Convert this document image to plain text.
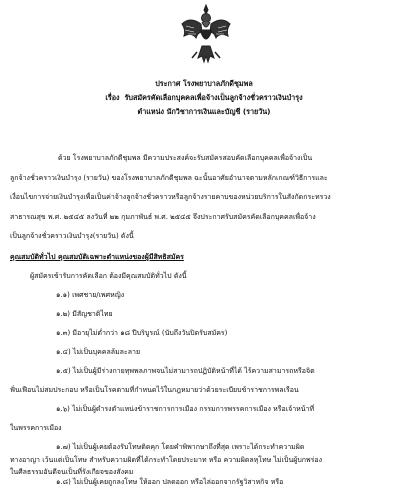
ประกาศ โรงพยาบาลภักดีชุมพล
เรื่อง รับสมัครคัดเลือกบุคคลเพื่อจ้างเป็นลูกจ้างชั่วคราวเงินบำรุง
ตำแหน่ง นักวิชาการเงินและบัญชี (รายวัน)
ด้วย โรงพยาบาลภักดีชุมพล มีความประสงค์จะรับสมัครสอบคัดเลือกบุคคลเพื่อจ้างเป็น
ลูกจ้างชั่วคราวเงินบำรุง (รายวัน) ของโรงพยาบาลภักดีชุมพล ฉะนั้นอาศัยอำนาจตามหลักเกณฑ์วิธีการและ
เงื่อนไขการจ่ายเงินบำรุงเพื่อเป็นค่าจ้างลูกจ้างชั่วคราวหรือลูกจ้างรายคาบของหน่วยบริการในสังกัดกระทรวง
สาธารณสุข พ.ศ. ๒๕๔๕ ลงวันที่ ๒๒ กุมภาพันธ์ พ.ศ. ๒๕๔๕ จึงประกาศรับสมัครคัดเลือกบุคคลเพื่อจ้าง
เป็นลูกจ้างชั่วคราวเงินบำรุง(รายวัน) ดังนี้
คุณสมบัติทั่วไป คุณสมบัติเฉพาะตำแหน่งของผู้มีสิทธิสมัคร
ผู้สมัครเข้ารับการคัดเลือก ต้องมีคุณสมบัติทั่วไป ดังนี้
๑.๑) เพศชาย/เพศหญิง
๑.๒) มีสัญชาติไทย
๑.๓) มีอายุไม่ต่ำกว่า ๑๘ ปีบริบูรณ์ (นับถึงวันปิดรับสมัคร)
๑.๔) ไม่เป็นบุคคลล้มละลาย
๑.๕) ไม่เป็นผู้มีร่างกายทุพพลภาพจนไม่สามารถปฏิบัติหน้าที่ได้ ไร้ความสามารถหรือจิต
ฟั่นเฟือนไม่สมประกอบ หรือเป็นโรคตามที่กำหนดไว้ในกฎหมายว่าด้วยระเบียบข้าราชการพลเรือน
๑.๖) ไม่เป็นผู้ดำรงตำแหน่งข้าราชการการเมือง กรรมการพรรคการเมือง หรือเจ้าหน้าที่
ในพรรคการเมือง
๑.๗) ไม่เป็นผู้เคยต้องรับโทษติดคุก โดยคำพิพากษาถึงที่สุด เพราะได้กระทำความผิด
ทางอาญา เว้นแต่เป็นโทษ สำหรับความผิดที่ได้กระทำโดยประมาท หรือ ความผิดลหุโทษ ไม่เป็นผู้บกพร่อง
ในศีลธรรมอันดีจนเป็นที่รังเกียจของสังคม
๑.๘) ไม่เป็นผู้เคยถูกลงโทษ ให้ออก ปลดออก หรือไล่ออกจากรัฐวิสาหกิจ หรือ
